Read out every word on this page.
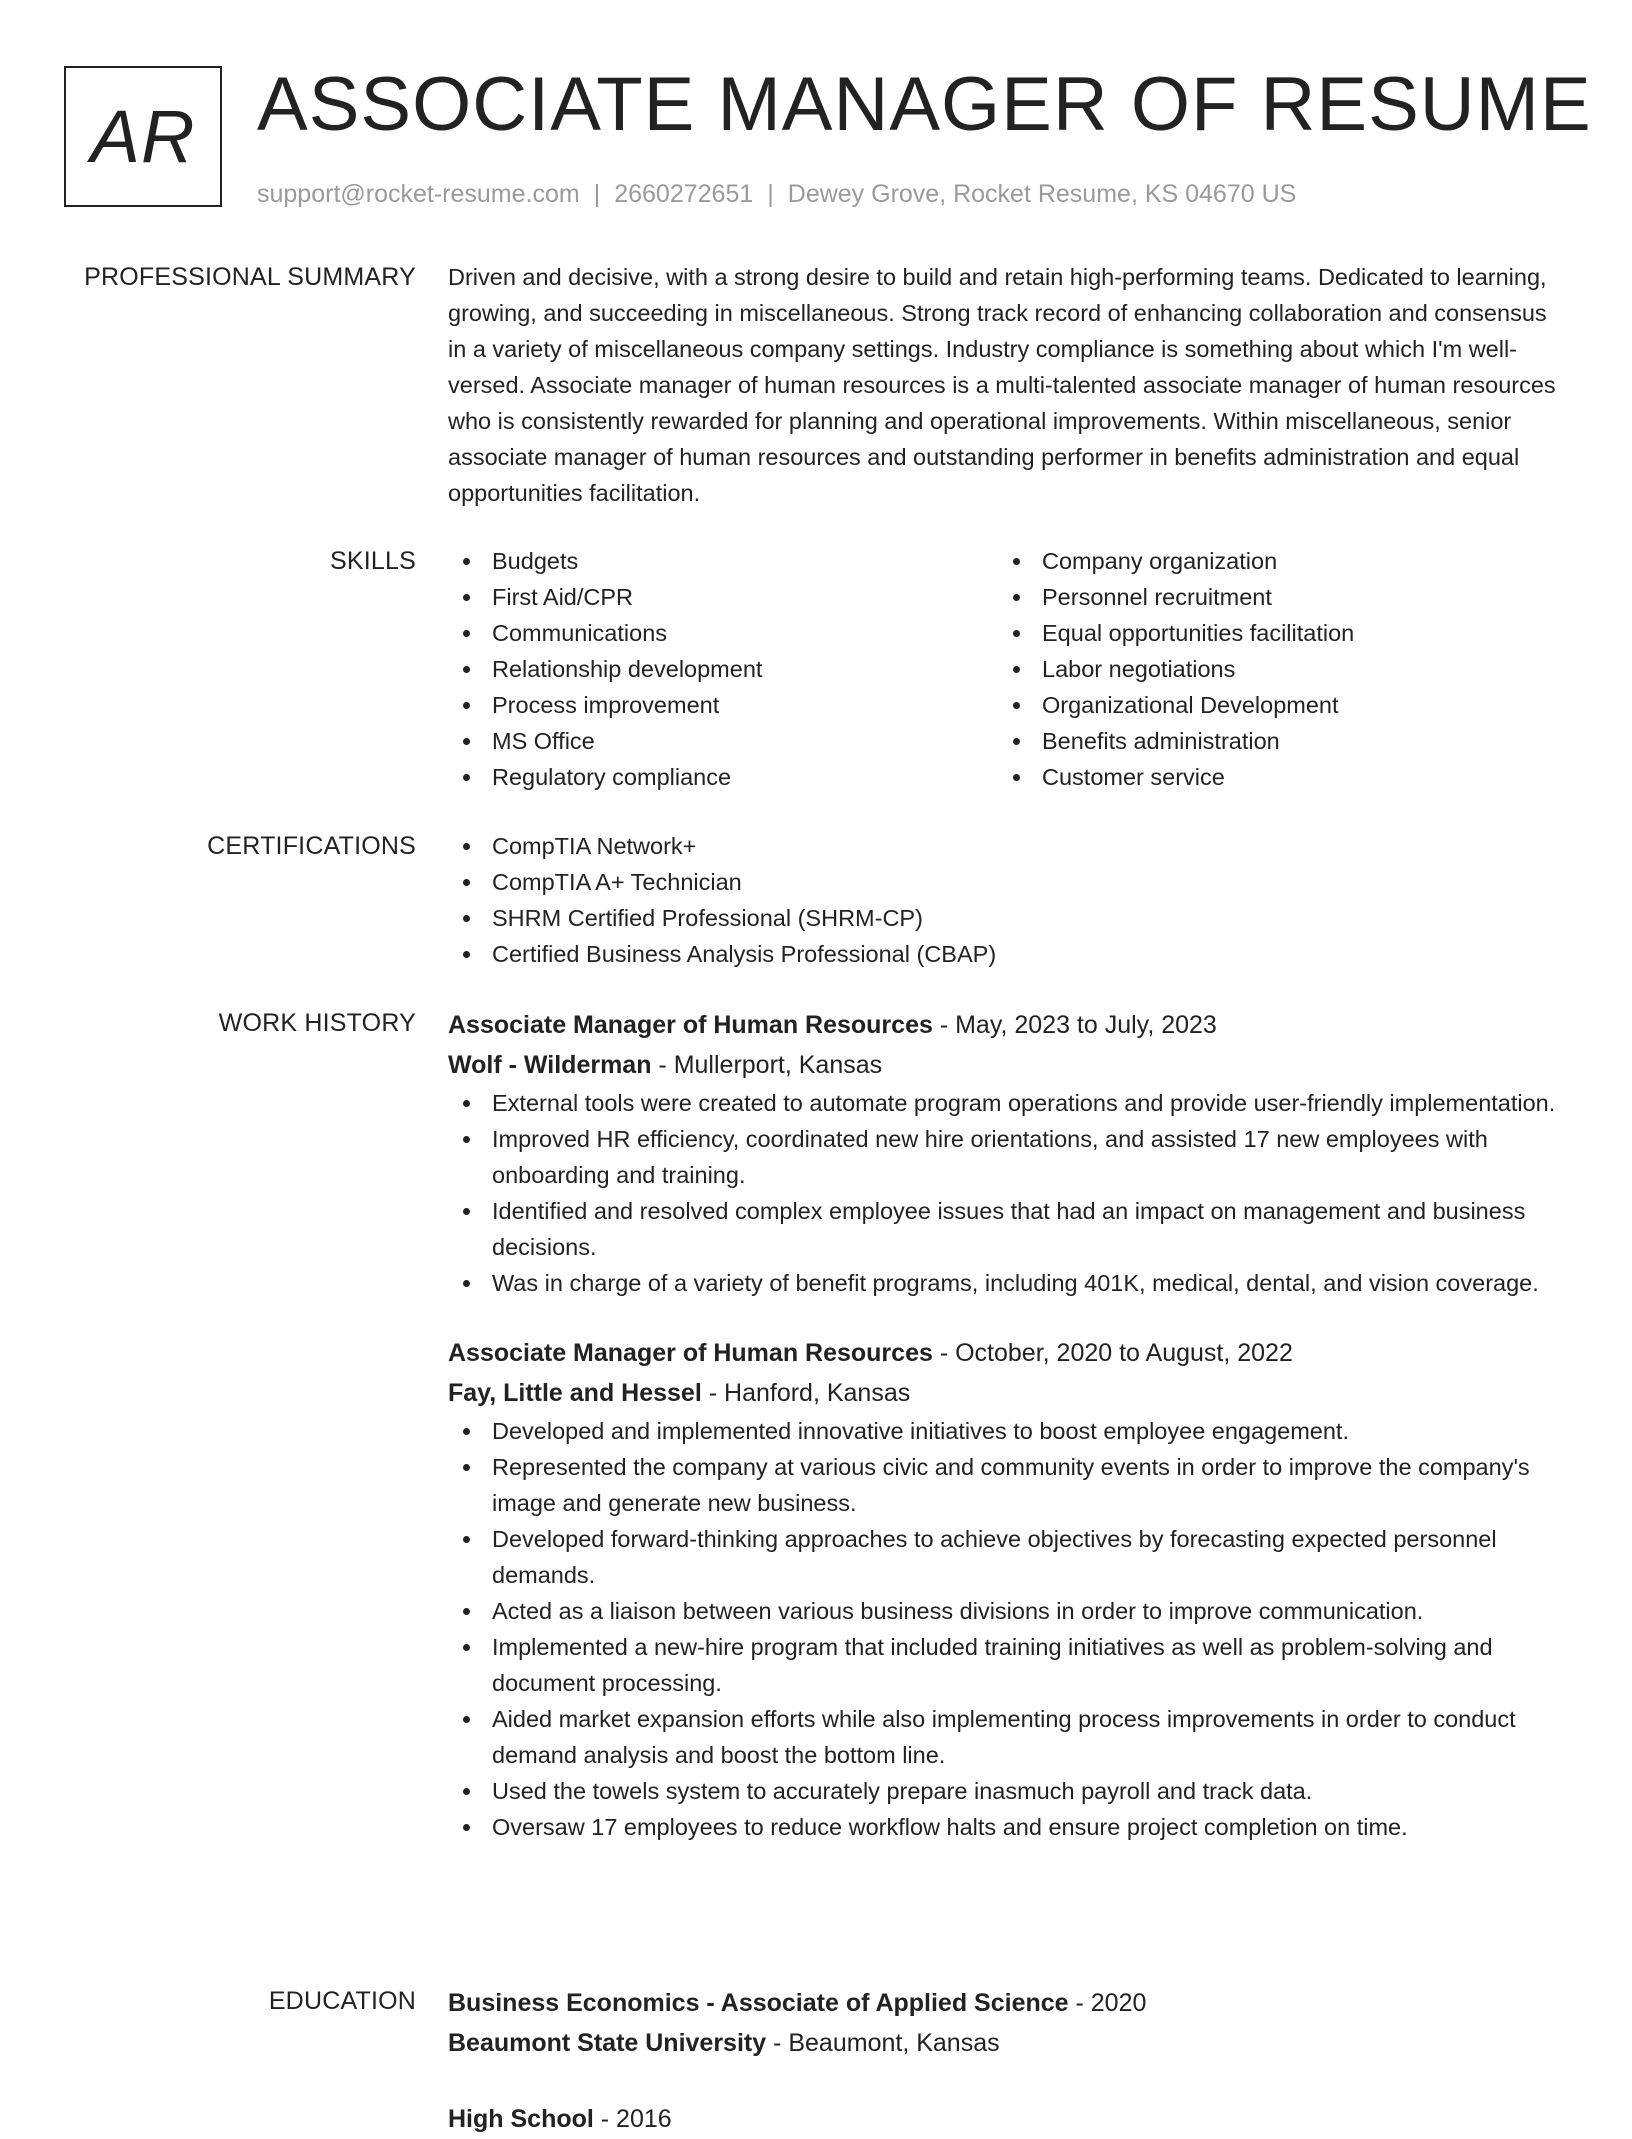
AR ASSOCIATE MANAGER OF RESUME
support@rocket-resume.com | 2660272651 | Dewey Grove, Rocket Resume, KS 04670 US
PROFESSIONAL SUMMARY Driven and decisive, with a strong desire to build and retain high-performing teams. Dedicated to learning, growing, and succeeding in miscellaneous. Strong track record of enhancing collaboration and consensus in a variety of miscellaneous company settings. Industry compliance is something about which I'm well-versed. Associate manager of human resources is a multi-talented associate manager of human resources who is consistently rewarded for planning and operational improvements. Within miscellaneous, senior associate manager of human resources and outstanding performer in benefits administration and equal opportunities facilitation.

SKILLS	Budgets
First Aid/CPR
Communications
Relationship development
Process improvement
MS Office
Regulatory compliance
Company organization
Personnel recruitment
Equal opportunities facilitation
Labor negotiations
Organizational Development
Benefits administration
Customer service
CERTIFICATIONS	CompTIA Network+
CompTIA A+ Technician
SHRM Certified Professional (SHRM-CP)
Certified Business Analysis Professional (CBAP)
WORK HISTORY Associate Manager of Human Resources - May, 2023 to July, 2023
Wolf - Wilderman - Mullerport, Kansas
External tools were created to automate program operations and provide user-friendly implementation.
Improved HR efficiency, coordinated new hire orientations, and assisted 17 new employees with onboarding and training.
Identified and resolved complex employee issues that had an impact on management and business decisions.
Was in charge of a variety of benefit programs, including 401K, medical, dental, and vision coverage.
Associate Manager of Human Resources - October, 2020 to August, 2022
Fay, Little and Hessel - Hanford, Kansas
Developed and implemented innovative initiatives to boost employee engagement.
Represented the company at various civic and community events in order to improve the company's image and generate new business.
Developed forward-thinking approaches to achieve objectives by forecasting expected personnel demands.
Acted as a liaison between various business divisions in order to improve communication.
Implemented a new-hire program that included training initiatives as well as problem-solving and document processing.
Aided market expansion efforts while also implementing process improvements in order to conduct demand analysis and boost the bottom line.
Used the towels system to accurately prepare inasmuch payroll and track data.
Oversaw 17 employees to reduce workflow halts and ensure project completion on time.
EDUCATION Business Economics - Associate of Applied Science - 2020
Beaumont State University - Beaumont, Kansas
High School - 2016
